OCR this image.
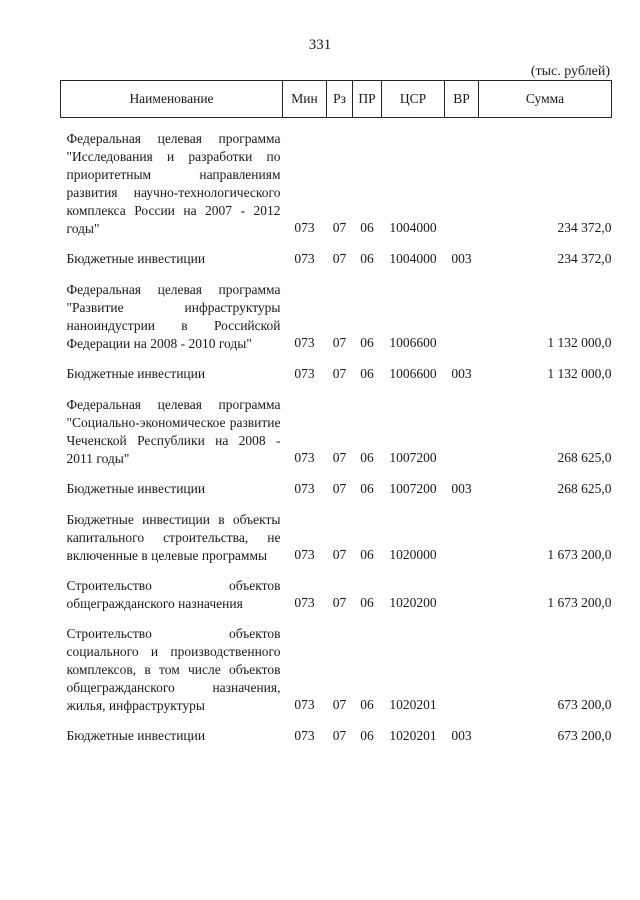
331
(тыс. рублей)
Наименование	Мин	Рз	ПР	ЦСР	ВР	Сумма
Федеральная целевая программа "Исследования и разработки по приоритетным направлениям развития научно-технологического комплекса России на 2007 - 2012 годы"	073	07	06	1004000		234 372,0

Бюджетные инвестиции	073	07	06	1004000	003	234 372,0

Федеральная целевая программа "Развитие инфраструктуры наноиндустрии в Российской Федерации на 2008 - 2010 годы"	073	07	06	1006600		1 132 000,0

Бюджетные инвестиции	073	07	06	1006600	003	1 132 000,0

Федеральная целевая программа "Социально-экономическое развитие Чеченской Республики на 2008 - 2011 годы"	073	07	06	1007200		268 625,0

Бюджетные инвестиции	073	07	06	1007200	003	268 625,0

Бюджетные инвестиции в объекты капитального строительства, не включенные в целевые программы	073	07	06	1020000		1 673 200,0

Строительство объектов общегражданского назначения	073	07	06	1020200		1 673 200,0

Строительство объектов социального и производственного комплексов, в том числе объектов общегражданского назначения, жилья, инфраструктуры	073	07	06	1020201		673 200,0

Бюджетные инвестиции	073	07	06	1020201	003	673 200,0
